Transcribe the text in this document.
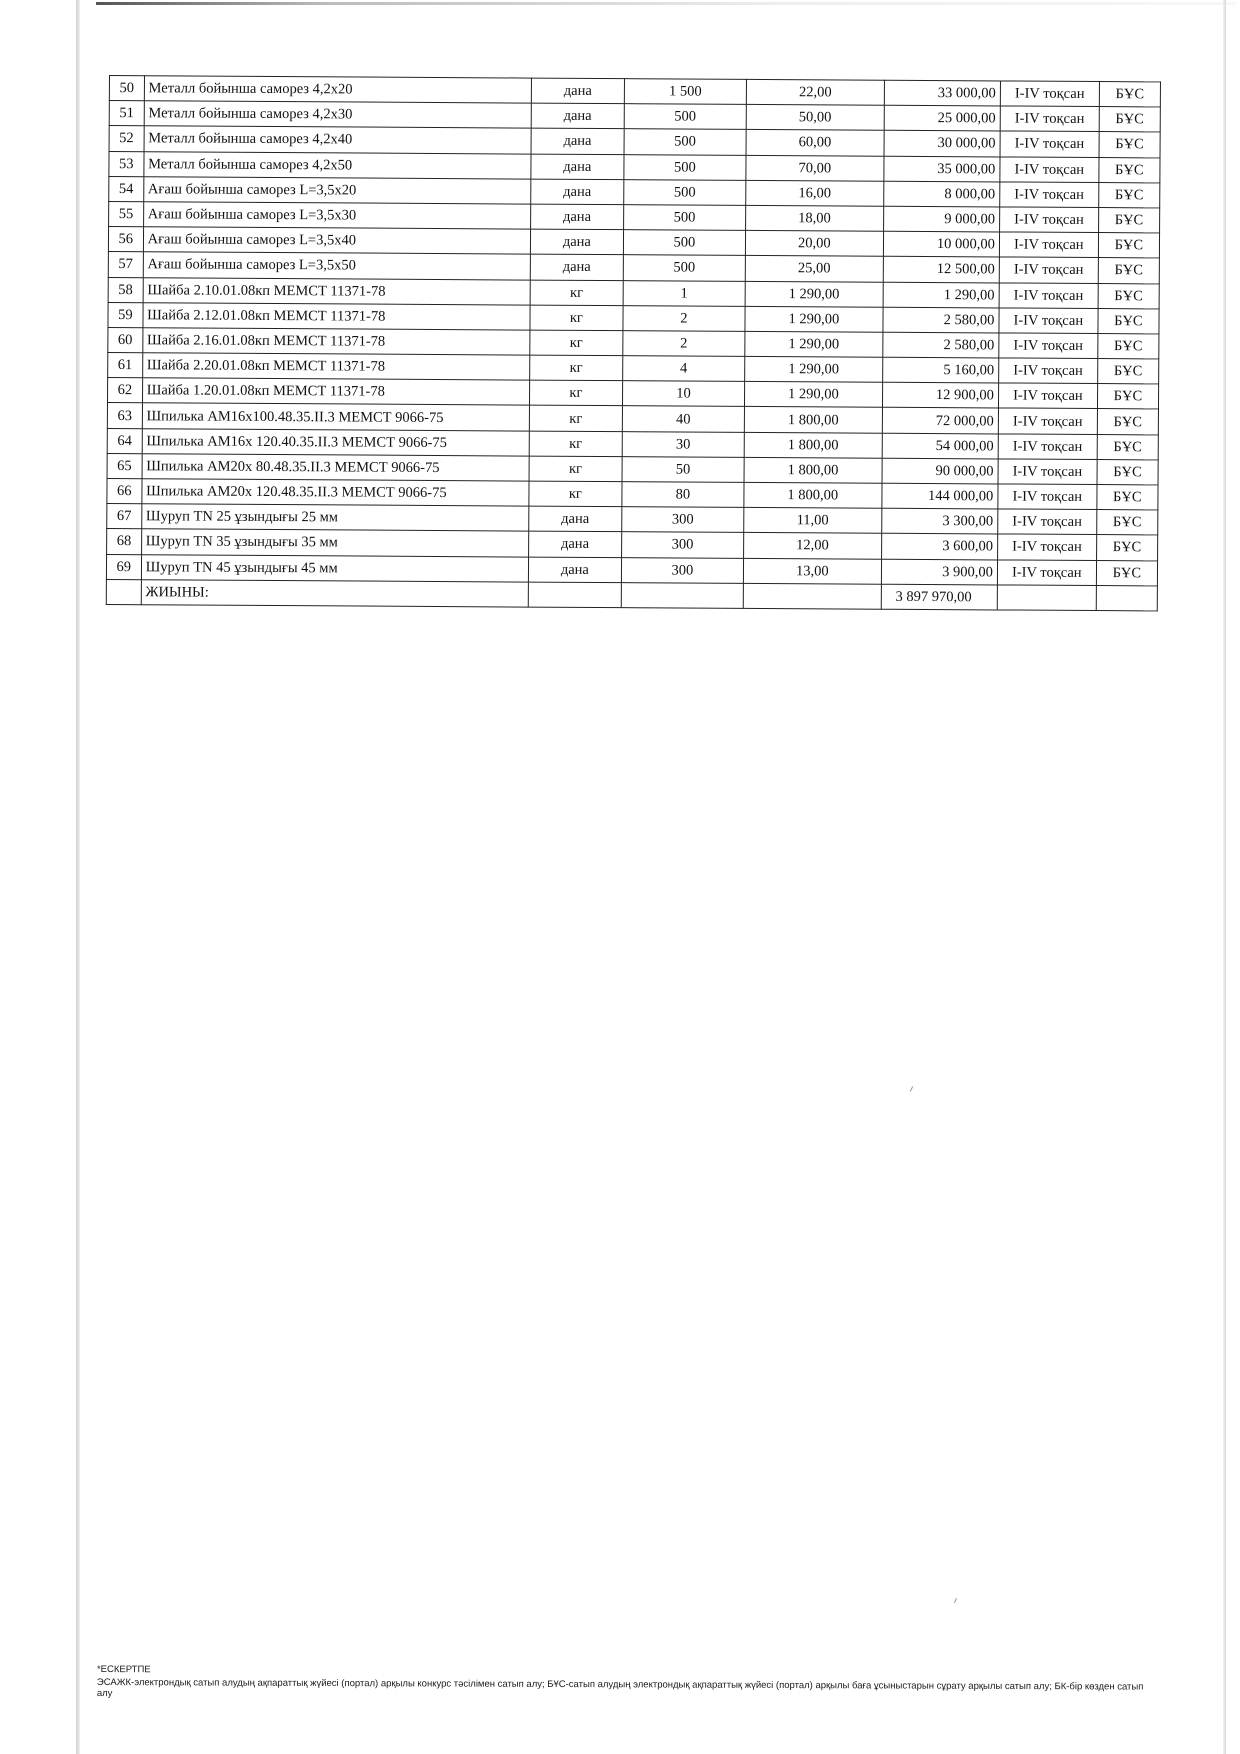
50	Металл бойынша саморез 4,2х20	дана	1 500	22,00	33 000,00	I-IV тоқсан	БҰС
51	Металл бойынша саморез 4,2х30	дана	500	50,00	25 000,00	I-IV тоқсан	БҰС
52	Металл бойынша саморез 4,2х40	дана	500	60,00	30 000,00	I-IV тоқсан	БҰС
53	Металл бойынша саморез 4,2х50	дана	500	70,00	35 000,00	I-IV тоқсан	БҰС
54	Ағаш бойынша саморез L=3,5х20	дана	500	16,00	8 000,00	I-IV тоқсан	БҰС
55	Ағаш бойынша саморез L=3,5х30	дана	500	18,00	9 000,00	I-IV тоқсан	БҰС
56	Ағаш бойынша саморез L=3,5х40	дана	500	20,00	10 000,00	I-IV тоқсан	БҰС
57	Ағаш бойынша саморез L=3,5х50	дана	500	25,00	12 500,00	I-IV тоқсан	БҰС
58	Шайба 2.10.01.08кп МЕМСТ 11371-78	кг	1	1 290,00	1 290,00	I-IV тоқсан	БҰС
59	Шайба 2.12.01.08кп МЕМСТ 11371-78	кг	2	1 290,00	2 580,00	I-IV тоқсан	БҰС
60	Шайба 2.16.01.08кп МЕМСТ 11371-78	кг	2	1 290,00	2 580,00	I-IV тоқсан	БҰС
61	Шайба 2.20.01.08кп МЕМСТ 11371-78	кг	4	1 290,00	5 160,00	I-IV тоқсан	БҰС
62	Шайба 1.20.01.08кп МЕМСТ 11371-78	кг	10	1 290,00	12 900,00	I-IV тоқсан	БҰС
63	Шпилька АМ16х100.48.35.II.3 МЕМСТ 9066-75	кг	40	1 800,00	72 000,00	I-IV тоқсан	БҰС
64	Шпилька АМ16х 120.40.35.II.3 МЕМСТ 9066-75	кг	30	1 800,00	54 000,00	I-IV тоқсан	БҰС
65	Шпилька АМ20х 80.48.35.II.3 МЕМСТ 9066-75	кг	50	1 800,00	90 000,00	I-IV тоқсан	БҰС
66	Шпилька АМ20х 120.48.35.II.3 МЕМСТ 9066-75	кг	80	1 800,00	144 000,00	I-IV тоқсан	БҰС
67	Шуруп TN 25 ұзындығы 25 мм	дана	300	11,00	3 300,00	I-IV тоқсан	БҰС
68	Шуруп TN 35 ұзындығы 35 мм	дана	300	12,00	3 600,00	I-IV тоқсан	БҰС
69	Шуруп TN 45 ұзындығы 45 мм	дана	300	13,00	3 900,00	I-IV тоқсан	БҰС
	ЖИЫНЫ:				3 897 970,00		
*ЕСКЕРТПЕ
ЭСАЖК-электрондық сатып алудың ақпараттық жүйесі (портал) арқылы конкурс тәсілімен сатып алу; БҰС-сатып алудың электрондық ақпараттық жүйесі (портал) арқылы баға ұсыныстарын сұрату арқылы сатып алу; БК-бір көзден сатып алу
